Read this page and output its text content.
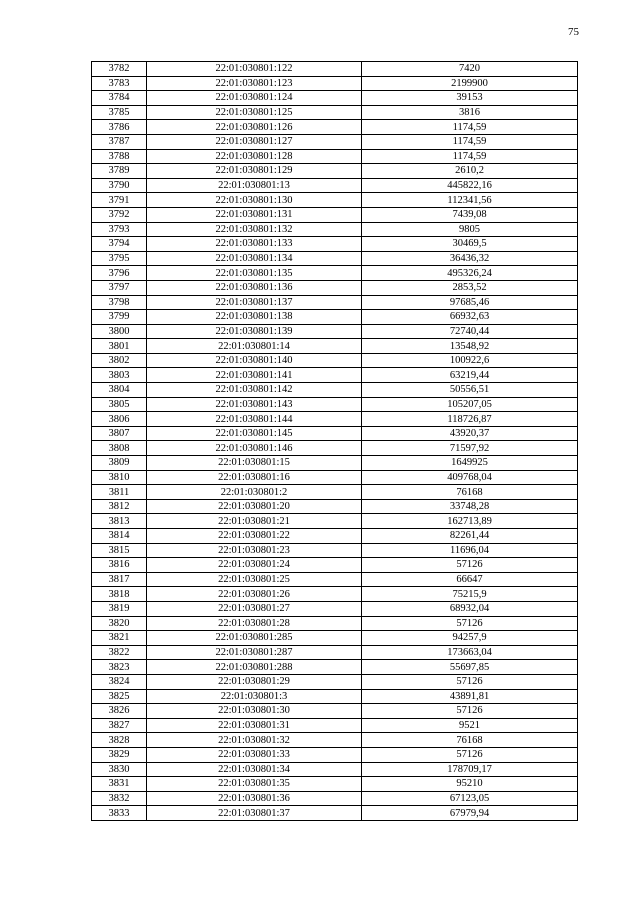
75
3782	22:01:030801:122	7420
3783	22:01:030801:123	2199900
3784	22:01:030801:124	39153
3785	22:01:030801:125	3816
3786	22:01:030801:126	1174,59
3787	22:01:030801:127	1174,59
3788	22:01:030801:128	1174,59
3789	22:01:030801:129	2610,2
3790	22:01:030801:13	445822,16
3791	22:01:030801:130	112341,56
3792	22:01:030801:131	7439,08
3793	22:01:030801:132	9805
3794	22:01:030801:133	30469,5
3795	22:01:030801:134	36436,32
3796	22:01:030801:135	495326,24
3797	22:01:030801:136	2853,52
3798	22:01:030801:137	97685,46
3799	22:01:030801:138	66932,63
3800	22:01:030801:139	72740,44
3801	22:01:030801:14	13548,92
3802	22:01:030801:140	100922,6
3803	22:01:030801:141	63219,44
3804	22:01:030801:142	50556,51
3805	22:01:030801:143	105207,05
3806	22:01:030801:144	118726,87
3807	22:01:030801:145	43920,37
3808	22:01:030801:146	71597,92
3809	22:01:030801:15	1649925
3810	22:01:030801:16	409768,04
3811	22:01:030801:2	76168
3812	22:01:030801:20	33748,28
3813	22:01:030801:21	162713,89
3814	22:01:030801:22	82261,44
3815	22:01:030801:23	11696,04
3816	22:01:030801:24	57126
3817	22:01:030801:25	66647
3818	22:01:030801:26	75215,9
3819	22:01:030801:27	68932,04
3820	22:01:030801:28	57126
3821	22:01:030801:285	94257,9
3822	22:01:030801:287	173663,04
3823	22:01:030801:288	55697,85
3824	22:01:030801:29	57126
3825	22:01:030801:3	43891,81
3826	22:01:030801:30	57126
3827	22:01:030801:31	9521
3828	22:01:030801:32	76168
3829	22:01:030801:33	57126
3830	22:01:030801:34	178709,17
3831	22:01:030801:35	95210
3832	22:01:030801:36	67123,05
3833	22:01:030801:37	67979,94
